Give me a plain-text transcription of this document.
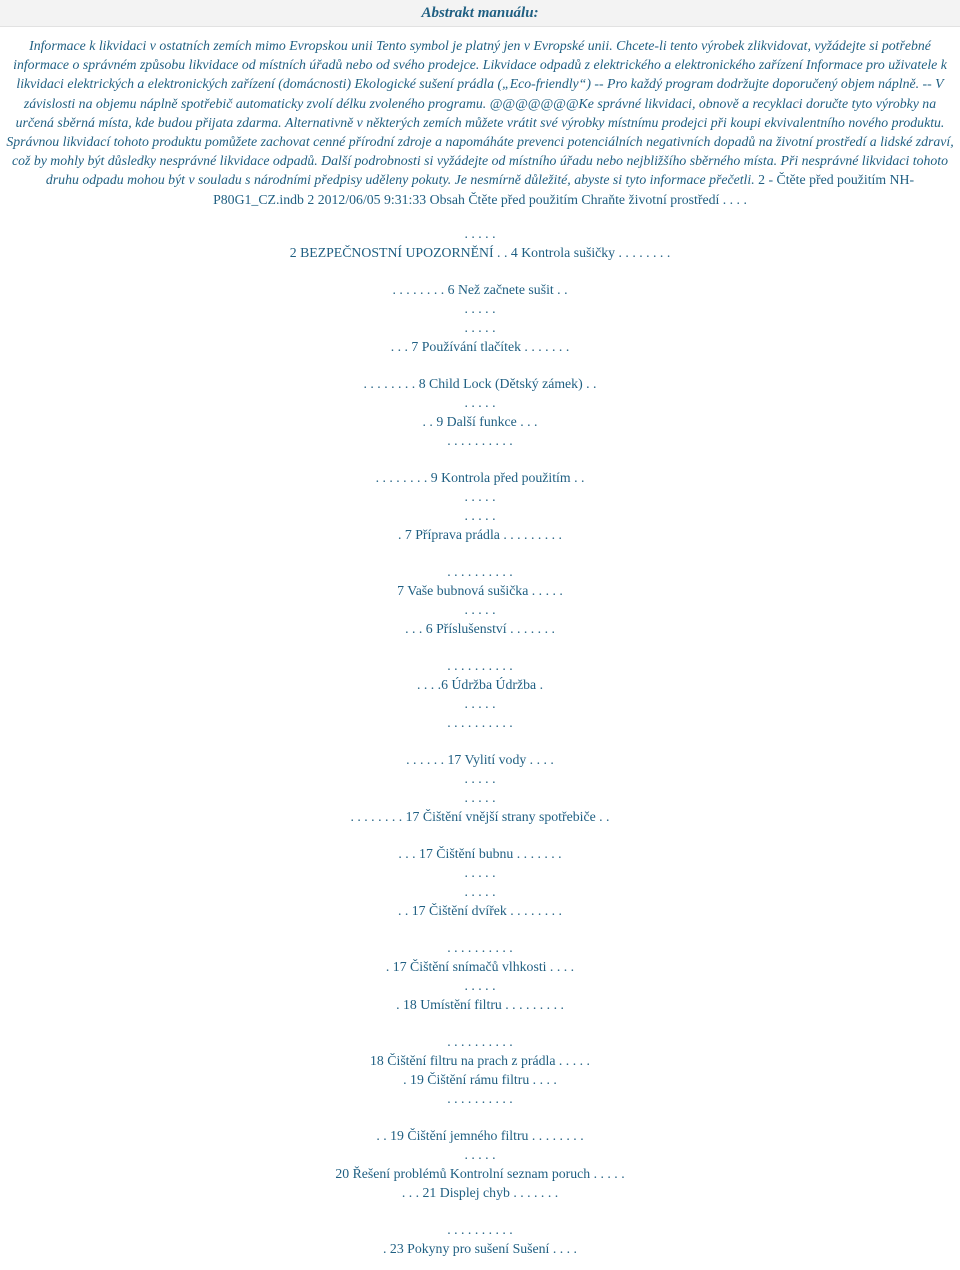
Abstrakt manuálu:
Informace k likvidaci v ostatních zemích mimo Evropskou unii Tento symbol je platný jen v Evropské unii. Chcete-li tento výrobek zlikvidovat, vyžádejte si potřebné informace o správném způsobu likvidace od místních úřadů nebo od svého prodejce. Likvidace odpadů z elektrického a elektronického zařízení Informace pro uživatele k likvidaci elektrických a elektronických zařízení (domácnosti) Ekologické sušení prádla („Eco-friendly“) -- Pro každý program dodržujte doporučený objem náplně. -- V závislosti na objemu náplně spotřebič automaticky zvolí délku zvoleného programu. @@@@@@@Ke správné likvidaci, obnově a recyklaci doručte tyto výrobky na určená sběrná místa, kde budou přijata zdarma. Alternativně v některých zemích můžete vrátit své výrobky místnímu prodejci při koupi ekvivalentního nového produktu. Správnou likvidací tohoto produktu pomůžete zachovat cenné přírodní zdroje a napomáháte prevenci potenciálních negativních dopadů na životní prostředí a lidské zdraví, což by mohly být důsledky nesprávné likvidace odpadů. Další podrobnosti si vyžádejte od místního úřadu nebo nejbližšího sběrného místa. Při nesprávné likvidaci tohoto druhu odpadu mohou být v souladu s národními předpisy uděleny pokuty. Je nesmírně důležité, abyste si tyto informace přečetli. 2 - Čtěte před použitím NH-P80G1_CZ.indb 2 2012/06/05 9:31:33 Obsah Čtěte před použitím Chraňte životní prostředí . . . .
. . . . .
2 BEZPEČNOSTNÍ UPOZORNĚNÍ . . 4 Kontrola sušičky . . . . . . . .
. . . . . . . . 6 Než začnete sušit . .
. . . . .
. . . . .
. . . 7 Používání tlačítek . . . . . . .
. . . . . . . . 8 Child Lock (Dětský zámek) . .
. . . . .
. . 9 Další funkce . . .
. . . . . . . . . .
. . . . . . . . 9 Kontrola před použitím . .
. . . . .
. . . . .
. 7 Příprava prádla . . . . . . . . .
. . . . . . . . . .
7 Vaše bubnová sušička . . . . .
. . . . .
. . . 6 Příslušenství . . . . . . .
. . . . . . . . . .
. . . .6 Údržba Údržba .
. . . . .
. . . . . . . . . .
. . . . . . 17 Vylití vody . . . .
. . . . .
. . . . .
. . . . . . . . 17 Čištění vnější strany spotřebiče . .
. . . 17 Čištění bubnu . . . . . . .
. . . . .
. . . . .
. . 17 Čištění dvířek . . . . . . . .
. . . . . . . . . .
. 17 Čištění snímačů vlhkosti . . . .
. . . . .
. 18 Umístění filtru . . . . . . . . .
. . . . . . . . . .
18 Čištění filtru na prach z prádla . . . . .
. 19 Čištění rámu filtru . . . .
. . . . . . . . . .
. . 19 Čištění jemného filtru . . . . . . . .
. . . . .
20 Řešení problémů Kontrolní seznam poruch . . . . .
. . . 21 Displej chyb . . . . . . .
. . . . . . . . . .
. 23 Pokyny pro sušení Sušení . . . .
